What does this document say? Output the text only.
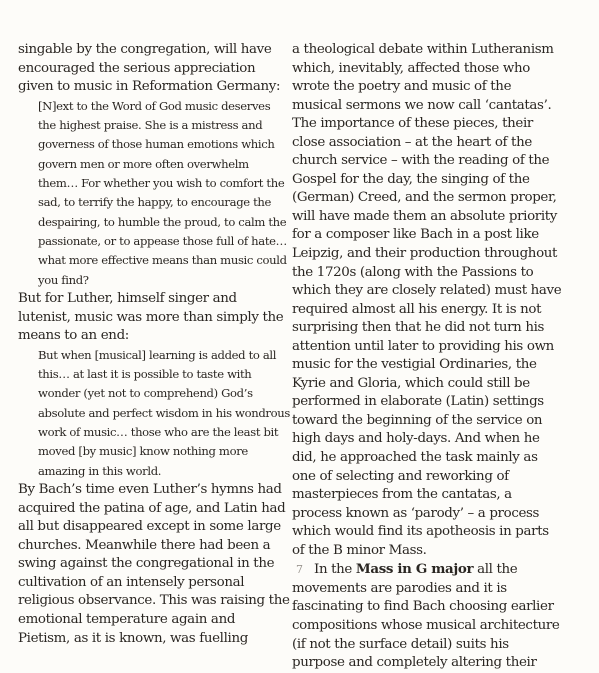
singable by the congregation, will have encouraged the serious appreciation given to music in Reformation Germany:

[N]ext to the Word of God music deserves the highest praise. She is a mistress and governess of those human emotions which govern men or more often overwhelm them… For whether you wish to comfort the sad, to terrify the happy, to encourage the despairing, to humble the proud, to calm the passionate, or to appease those full of hate… what more effective means than music could you find?

But for Luther, himself singer and lutenist, music was more than simply the means to an end:

But when [musical] learning is added to all this… at last it is possible to taste with wonder (yet not to comprehend) God’s absolute and perfect wisdom in his wondrous work of music… those who are the least bit moved [by music] know nothing more amazing in this world.

By Bach’s time even Luther’s hymns had acquired the patina of age, and Latin had all but disappeared except in some large churches. Meanwhile there had been a swing against the congregational in the cultivation of an intensely personal religious observance. This was raising the emotional temperature again and Pietism, as it is known, was fuelling

a theological debate within Lutheranism which, inevitably, affected those who wrote the poetry and music of the musical sermons we now call ‘cantatas’. The importance of these pieces, their close association – at the heart of the church service – with the reading of the Gospel for the day, the singing of the (German) Creed, and the sermon proper, will have made them an absolute priority for a composer like Bach in a post like Leipzig, and their production throughout the 1720s (along with the Passions to which they are closely related) must have required almost all his energy. It is not surprising then that he did not turn his attention until later to providing his own music for the vestigial Ordinaries, the Kyrie and Gloria, which could still be performed in elaborate (Latin) settings toward the beginning of the service on high days and holy-days. And when he did, he approached the task mainly as one of selecting and reworking of masterpieces from the cantatas, a process known as ‘parody’ – a process which would find its apotheosis in parts of the B minor Mass.

In the Mass in G major all the movements are parodies and it is fascinating to find Bach choosing earlier compositions whose musical architecture (if not the surface detail) suits his purpose and completely altering their

7
